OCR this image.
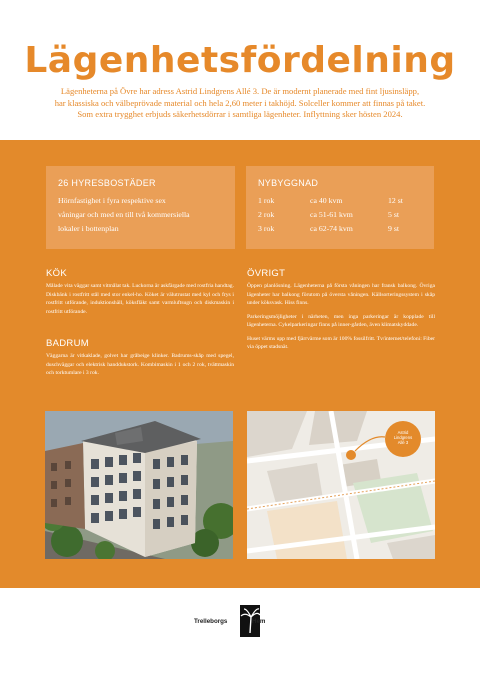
Lägenhetsfördelning
Lägenheterna på Övre har adress Astrid Lindgrens Allé 3. De är modernt planerade med fint ljusinsläpp,
har klassiska och välbeprövade material och hela 2,60 meter i takhöjd. Solceller kommer att finnas på taket.
Som extra trygghet erbjuds säkerhetsdörrar i samtliga lägenheter. Inflyttning sker hösten 2024.
26 HYRESBOSTÄDER
Hörnfastighet i fyra respektive sex
våningar och med en till två kommersiella
lokaler i bottenplan
NYBYGGNAD
1 rok	ca 40 kvm	12 st
2 rok	ca 51-61 kvm	5 st
3 rok	ca 62-74 kvm	9 st
KÖK
Målade vita väggar samt vitmålat tak. Luckorna är askfärgade med rostfria handtag. Diskbänk i rostfritt stål med stor enkel-ho. Köket är välutrustat med kyl och frys i rostfritt utförande, induktionshäll, köksfläkt samt varmluftsugn och diskmaskin i rostfritt utförande.
BADRUM
Väggarna är vitkaklade, golvet har gråbeige klinker. Badrums-skåp med spegel, duschväggar och elektrisk handdukstork. Kombimaskin i 1 och 2 rok, tvättmaskin och torktumlare i 3 rok.
ÖVRIGT
Öppen planlösning. Lägenheterna på första våningen har fransk balkong. Övriga lägenheter har balkong förutom på översta våningen. Källsorteringssystem i skåp under köksvask. Hiss finns.
Parkeringsmöjligheter i närheten, men inga parkeringar är kopplade till lägenheterna. Cykelparkeringar finns på inner-gården, även klimatskyddade.
Huset värms upp med fjärrvärme som är 100% fossilfritt. Tv/internet/telefoni: Fiber via öppet stadsnät.
Astrid
Lindgrens
Allé 3
Trelleborgs	Hem
